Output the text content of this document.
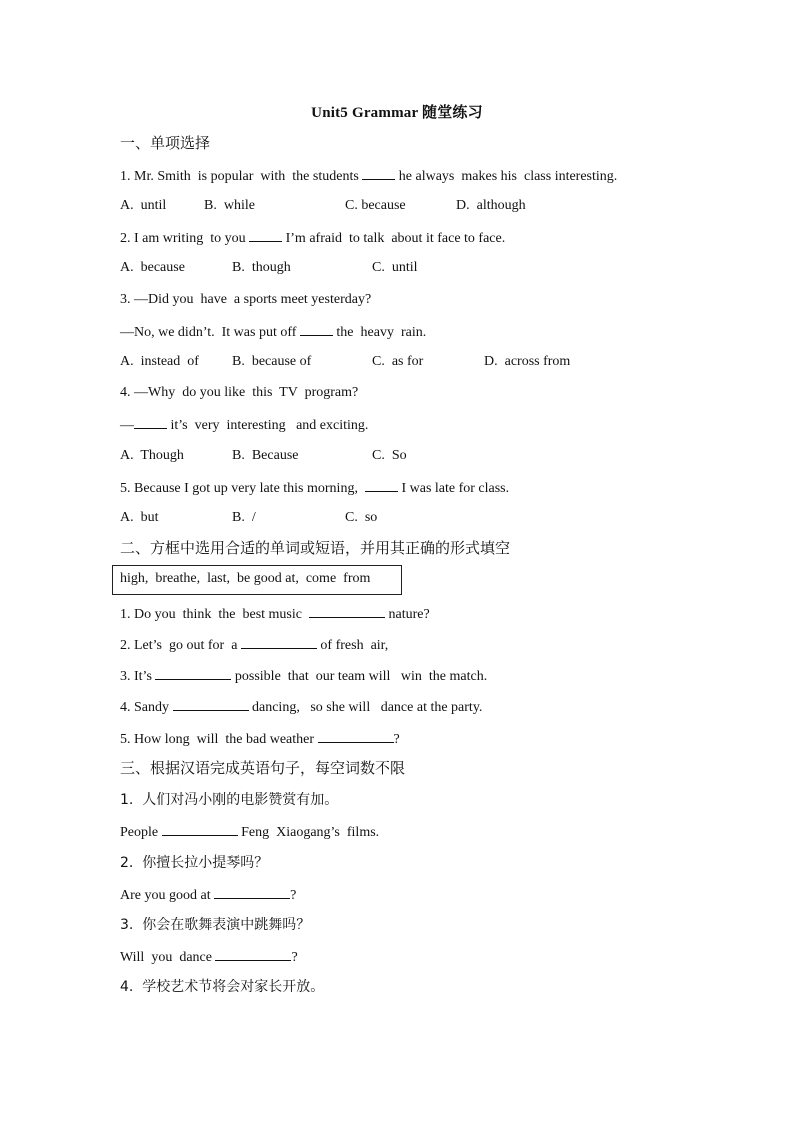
Unit5 Grammar 随堂练习
一、单项选择
1. Mr. Smith  is popular  with  the students	he always  makes his  class interesting.
A.  until	B.  while	C. because	D.  although
2. I am writing  to you	I’m afraid  to talk  about it face to face.
A.  because	B.  though	C.  until
3. —Did you  have  a sports meet yesterday?
—No, we didn’t.  It was put off	the  heavy  rain.
A.  instead  of B.  because of	C.  as for	D.  across from
4. —Why  do you like  this  TV  program?
—	it’s  very  interesting   and exciting.
A.  Though	B.  Because	C.  So
5. Because I got up very late this morning,	I was late for class.
A.  but	B.  /	C.  so
二、方框中选用合适的单词或短语，并用其正确的形式填空
high,  breathe,  last,  be good at,  come  from
1. Do you  think  the  best music	nature?
2. Let’s  go out for  a	of fresh  air,
3. It’s	possible  that  our team will   win  the match.
4. Sandy	dancing,   so she will   dance at the party.
5. How long  will  the bad weather	?
三、根据汉语完成英语句子，每空词数不限
1.  人们对冯小刚的电影赞赏有加。
People	Feng  Xiaogang’s  films.
2.  你擅长拉小提琴吗？
Are you good at	?
3.  你会在歌舞表演中跳舞吗？
Will  you  dance	?
4.  学校艺术节将会对家长开放。
